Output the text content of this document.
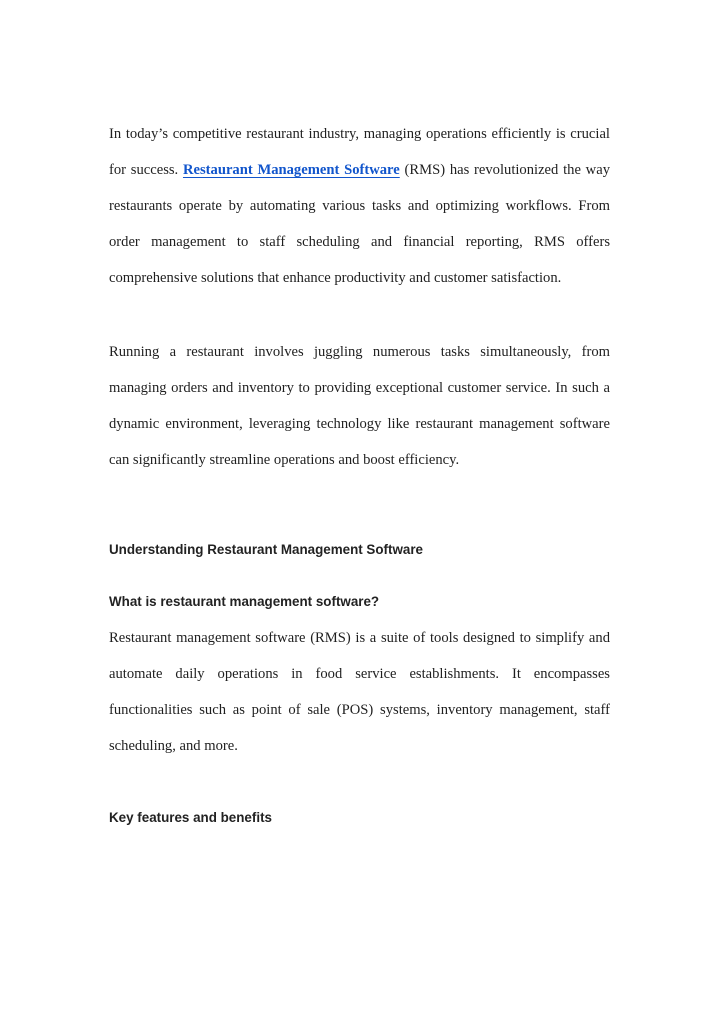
In today’s competitive restaurant industry, managing operations efficiently is crucial for success. Restaurant Management Software (RMS) has revolutionized the way restaurants operate by automating various tasks and optimizing workflows. From order management to staff scheduling and financial reporting, RMS offers comprehensive solutions that enhance productivity and customer satisfaction.

Running a restaurant involves juggling numerous tasks simultaneously, from managing orders and inventory to providing exceptional customer service. In such a dynamic environment, leveraging technology like restaurant management software can significantly streamline operations and boost efficiency.

Understanding Restaurant Management Software
What is restaurant management software?

Restaurant management software (RMS) is a suite of tools designed to simplify and automate daily operations in food service establishments. It encompasses functionalities such as point of sale (POS) systems, inventory management, staff scheduling, and more.

Key features and benefits
